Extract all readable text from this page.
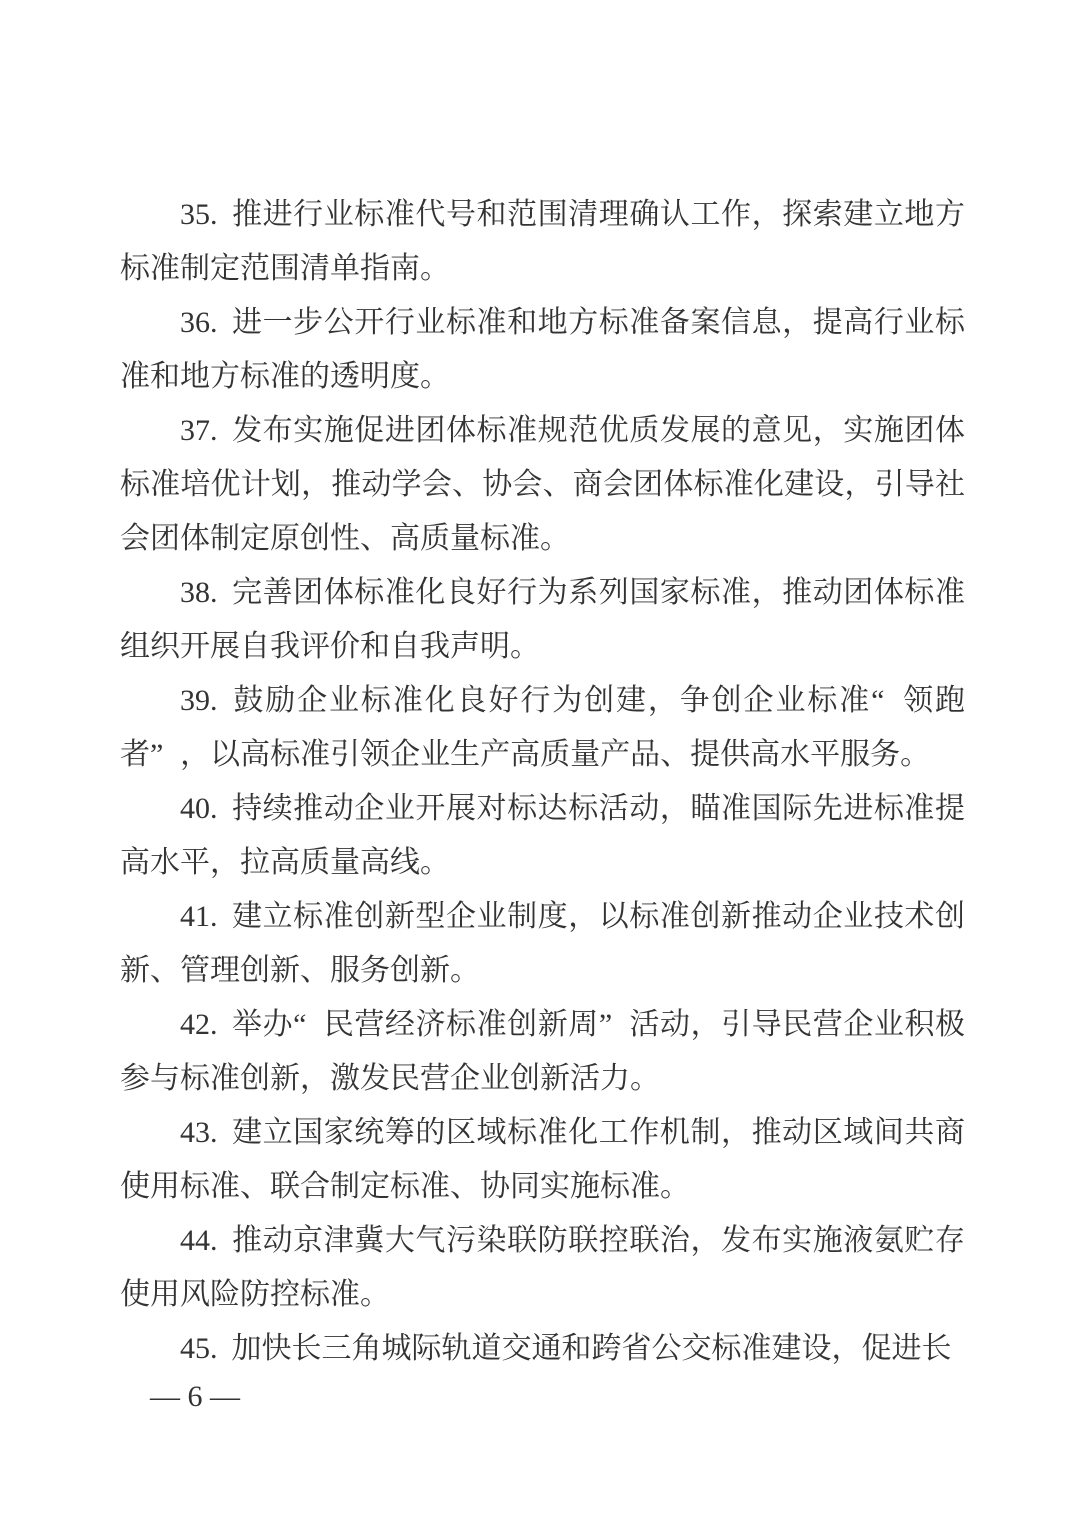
35. 推进行业标准代号和范围清理确认工作，探索建立地方标准制定范围清单指南。

36. 进一步公开行业标准和地方标准备案信息，提高行业标准和地方标准的透明度。

37. 发布实施促进团体标准规范优质发展的意见，实施团体标准培优计划，推动学会、协会、商会团体标准化建设，引导社会团体制定原创性、高质量标准。

38. 完善团体标准化良好行为系列国家标准，推动团体标准组织开展自我评价和自我声明。

39. 鼓励企业标准化良好行为创建，争创企业标准“领跑者”，以高标准引领企业生产高质量产品、提供高水平服务。

40. 持续推动企业开展对标达标活动，瞄准国际先进标准提高水平，拉高质量高线。

41. 建立标准创新型企业制度，以标准创新推动企业技术创新、管理创新、服务创新。

42. 举办“民营经济标准创新周”活动，引导民营企业积极参与标准创新，激发民营企业创新活力。

43. 建立国家统筹的区域标准化工作机制，推动区域间共商使用标准、联合制定标准、协同实施标准。

44. 推动京津冀大气污染联防联控联治，发布实施液氨贮存使用风险防控标准。

45. 加快长三角城际轨道交通和跨省公交标准建设，促进长

— 6 —
